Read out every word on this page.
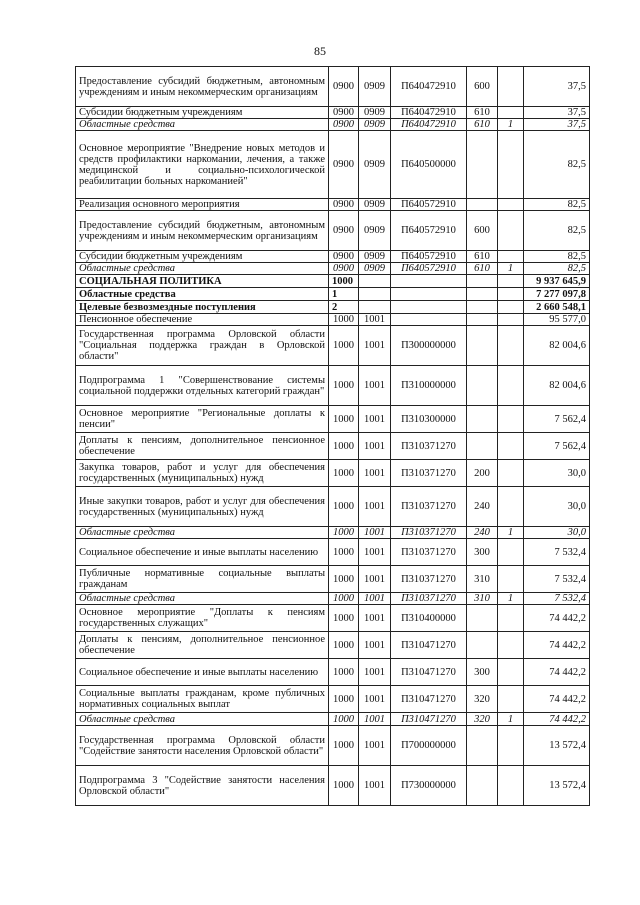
85
Предоставление субсидий бюджетным, автономным учреждениям и иным некоммерческим организациям	0900	0909	П640472910	600		37,5
Субсидии бюджетным учреждениям	0900	0909	П640472910	610		37,5
Областные средства	0900	0909	П640472910	610	1	37,5
Основное мероприятие "Внедрение новых методов и средств профилактики наркомании, лечения, а также медицинской и социально-психологической реабилитации больных наркоманией"	0900	0909	П640500000			82,5
Реализация основного мероприятия	0900	0909	П640572910			82,5
Предоставление субсидий бюджетным, автономным учреждениям и иным некоммерческим организациям	0900	0909	П640572910	600		82,5
Субсидии бюджетным учреждениям	0900	0909	П640572910	610		82,5
Областные средства	0900	0909	П640572910	610	1	82,5
СОЦИАЛЬНАЯ ПОЛИТИКА	1000					9 937 645,9
Областные средства	1					7 277 097,8
Целевые безвозмездные поступления	2					2 660 548,1
Пенсионное обеспечение	1000	1001				95 577,0
Государственная программа Орловской области "Социальная поддержка граждан в Орловской области"	1000	1001	П300000000			82 004,6
Подпрограмма 1 "Совершенствование системы социальной поддержки отдельных категорий граждан"	1000	1001	П310000000			82 004,6
Основное мероприятие "Региональные доплаты к пенсии"	1000	1001	П310300000			7 562,4
Доплаты к пенсиям, дополнительное пенсионное обеспечение	1000	1001	П310371270			7 562,4
Закупка товаров, работ и услуг для обеспечения государственных (муниципальных) нужд	1000	1001	П310371270	200		30,0
Иные закупки товаров, работ и услуг для обеспечения государственных (муниципальных) нужд	1000	1001	П310371270	240		30,0
Областные средства	1000	1001	П310371270	240	1	30,0
Социальное обеспечение и иные выплаты населению	1000	1001	П310371270	300		7 532,4
Публичные нормативные социальные выплаты гражданам	1000	1001	П310371270	310		7 532,4
Областные средства	1000	1001	П310371270	310	1	7 532,4
Основное мероприятие "Доплаты к пенсиям государственных служащих"	1000	1001	П310400000			74 442,2
Доплаты к пенсиям, дополнительное пенсионное обеспечение	1000	1001	П310471270			74 442,2
Социальное обеспечение и иные выплаты населению	1000	1001	П310471270	300		74 442,2
Социальные выплаты гражданам, кроме публичных нормативных социальных выплат	1000	1001	П310471270	320		74 442,2
Областные средства	1000	1001	П310471270	320	1	74 442,2
Государственная программа Орловской области "Содействие занятости населения Орловской области"	1000	1001	П700000000			13 572,4
Подпрограмма 3 "Содействие занятости населения Орловской области"	1000	1001	П730000000			13 572,4
